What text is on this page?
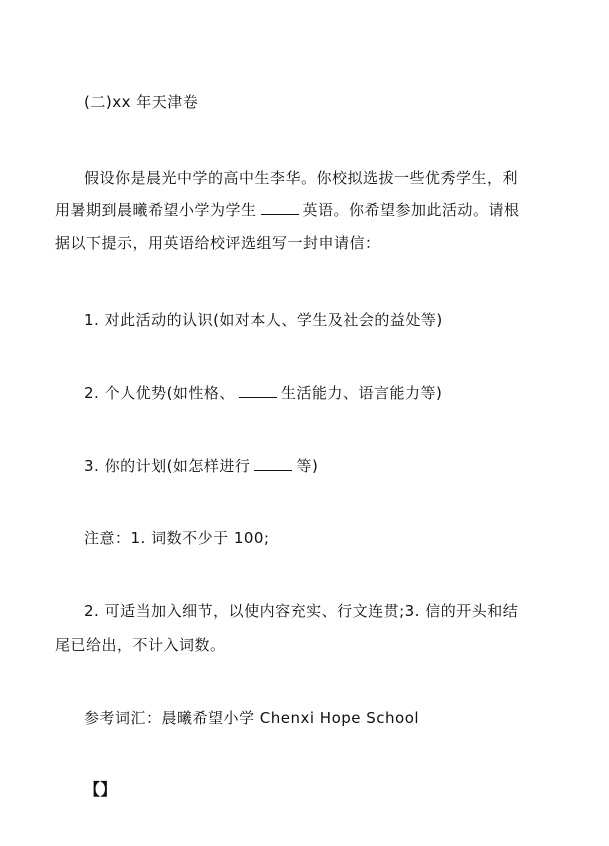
(二)xx 年天津卷
假设你是晨光中学的高中生李华。你校拟选拔一些优秀学生，利
用暑期到晨曦希望小学为学生	英语。你希望参加此活动。请根
据以下提示，用英语给校评选组写一封申请信：
1. 对此活动的认识(如对本人、学生及社会的益处等)
2. 个人优势(如性格、	生活能力、语言能力等)
3. 你的计划(如怎样进行	等)
注意：1. 词数不少于 100;
2. 可适当加入细节，以使内容充实、行文连贯;3. 信的开头和结
尾已给出，不计入词数。
参考词汇：晨曦希望小学 Chenxi Hope School
【】
